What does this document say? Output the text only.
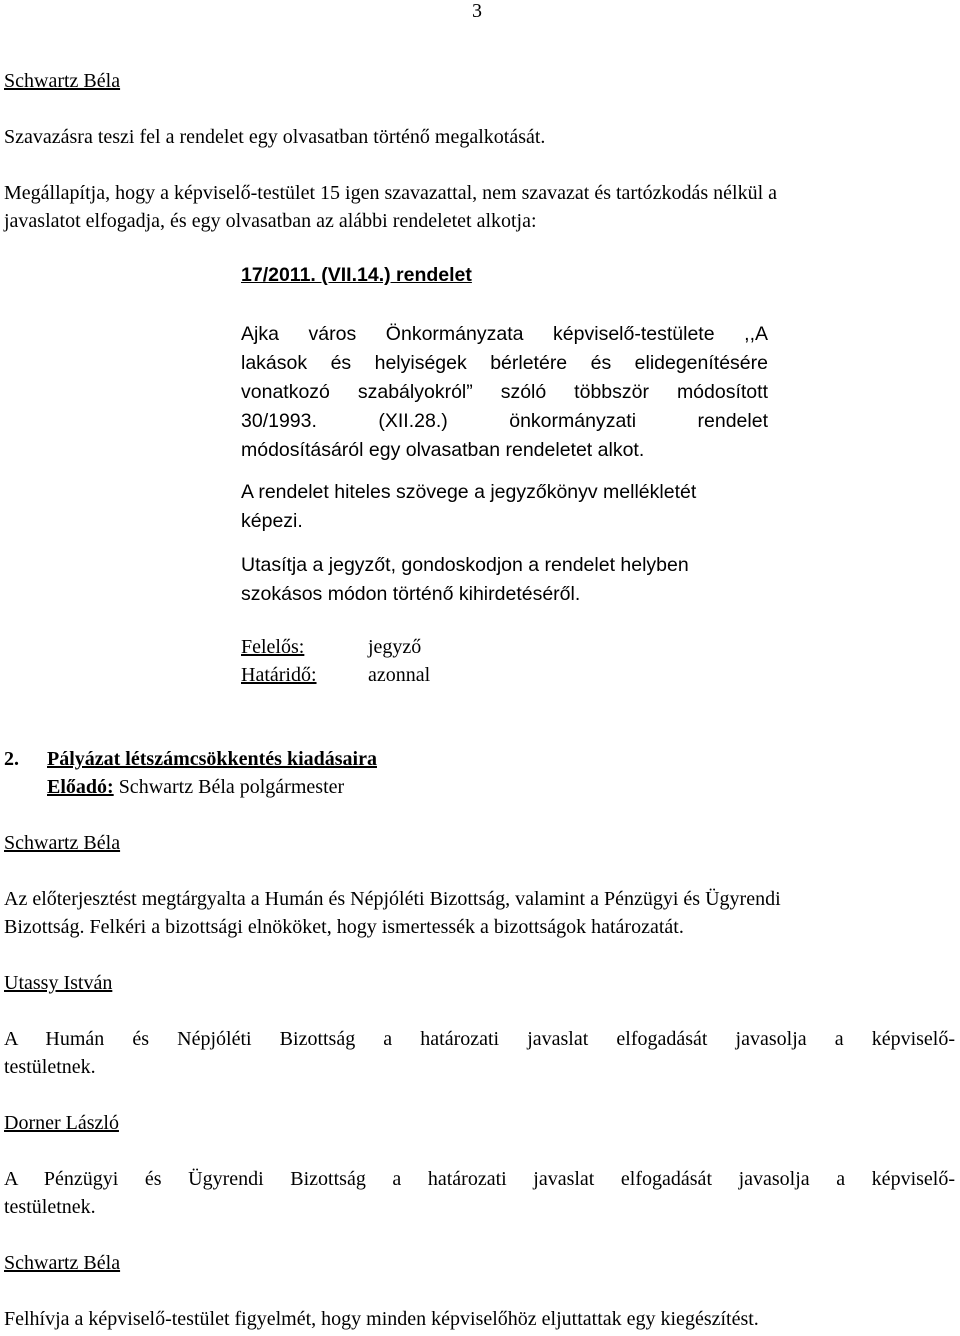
3
Schwartz Béla
Szavazásra teszi fel a rendelet egy olvasatban történő megalkotását.
Megállapítja, hogy a képviselő-testület 15 igen szavazattal, nem szavazat és tartózkodás nélkül a
javaslatot elfogadja, és egy olvasatban az alábbi rendeletet alkotja:
17/2011. (VII.14.) rendelet
Ajka város Önkormányzata képviselő-testülete ,,A
lakások és helyiségek bérletére és elidegenítésére
vonatkozó szabályokról” szóló többször módosított
30/1993. (XII.28.) önkormányzati rendelet
módosításáról egy olvasatban rendeletet alkot.
A rendelet hiteles szövege a jegyzőkönyv mellékletét
képezi.
Utasítja a jegyzőt, gondoskodjon a rendelet helyben
szokásos módon történő kihirdetéséről.
Felelős:	jegyző
Határidő:	azonnal
2. Pályázat létszámcsökkentés kiadásaira
Előadó: Schwartz Béla polgármester
Schwartz Béla
Az előterjesztést megtárgyalta a Humán és Népjóléti Bizottság, valamint a Pénzügyi és Ügyrendi
Bizottság. Felkéri a bizottsági elnököket, hogy ismertessék a bizottságok határozatát.
Utassy István
A Humán és Népjóléti Bizottság a határozati javaslat elfogadását javasolja a képviselő-
testületnek.
Dorner László
A Pénzügyi és Ügyrendi Bizottság a határozati javaslat elfogadását javasolja a képviselő-
testületnek.
Schwartz Béla
Felhívja a képviselő-testület figyelmét, hogy minden képviselőhöz eljuttattak egy kiegészítést.
